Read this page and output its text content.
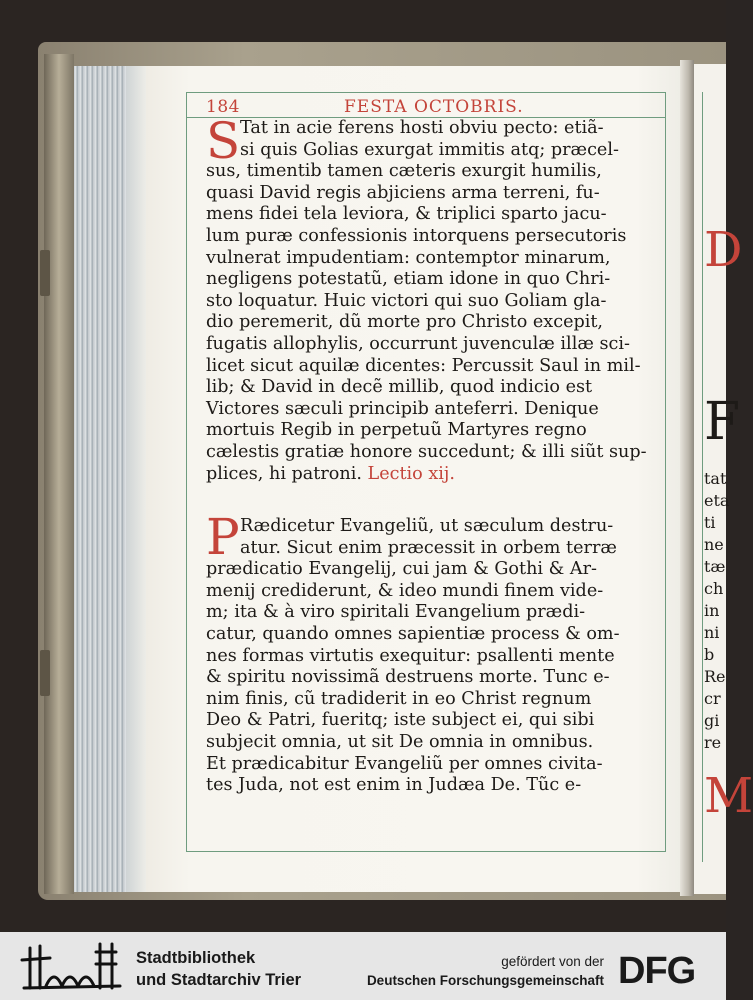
D
F
tat
eta
ti
ne
tæ
ch
in
ni
b
Re
cr
gi
re
M
184	FESTA OCTOBRIS.
S Tat in acie ferens hosti obviu pecto: etiã-
si quis Golias exurgat immitis atq; præcel-
sus, timentib tamen cæteris exurgit humilis,
quasi David regis abjiciens arma terreni, fu-
mens fidei tela leviora, & triplici sparto jacu-
lum puræ confessionis intorquens persecutoris
vulnerat impudentiam: contemptor minarum,
negligens potestatũ, etiam idone in quo Chri-
sto loquatur. Huic victori qui suo Goliam gla-
dio peremerit, dũ morte pro Christo excepit,
fugatis allophylis, occurrunt juvenculæ illæ sci-
licet sicut aquilæ dicentes: Percussit Saul in mil-
lib; & David in decẽ millib, quod indicio est
Victores sæculi principib anteferri. Denique
mortuis Regib in perpetuũ Martyres regno
cælestis gratiæ honore succedunt; & illi siũt sup-
plices, hi patroni. Lectio xij.
P Rædicetur Evangeliũ, ut sæculum destru-
atur. Sicut enim præcessit in orbem terræ
prædicatio Evangelij, cui jam & Gothi & Ar-
menij crediderunt, & ideo mundi finem vide-
m; ita & à viro spiritali Evangelium prædi-
catur, quando omnes sapientiæ process & om-
nes formas virtutis exequitur: psallenti mente
& spiritu novissimã destruens morte. Tunc e-
nim finis, cũ tradiderit in eo Christ regnum
Deo & Patri, fueritq; iste subject ei, qui sibi
subjecit omnia, ut sit De omnia in omnibus.
Et prædicabitur Evangeliũ per omnes civita-
tes Juda, not est enim in Judæa De. Tũc e-
Stadtbibliothek
und Stadtarchiv Trier
gefördert von der
Deutschen Forschungsgemeinschaft DFG
